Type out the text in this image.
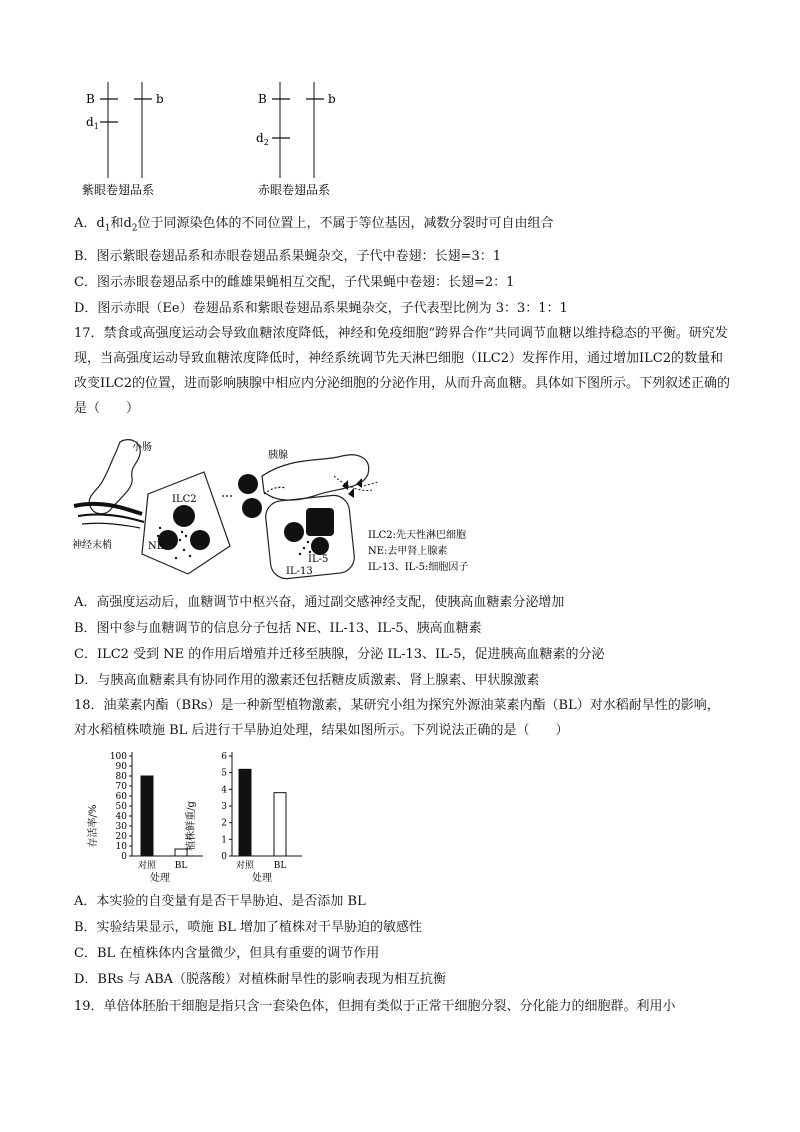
B	b
$d_1$
B	b
$d_2$
紫眼卷翅品系	赤眼卷翅品系
A．$d_1$和$d_2$位于同源染色体的不同位置上，不属于等位基因，减数分裂时可自由组合
B．图示紫眼卷翅品系和赤眼卷翅品系果蝇杂交，子代中卷翅：长翅=3：1
C．图示赤眼卷翅品系中的雌雄果蝇相互交配，子代果蝇中卷翅：长翅=2：1
D．图示赤眼（Ee）卷翅品系和紫眼卷翅品系果蝇杂交，子代表型比例为 3：3：1：1
17．禁食或高强度运动会导致血糖浓度降低，神经和免疫细胞“跨界合作”共同调节血糖以维持稳态的平衡。研究发现，当高强度运动导致血糖浓度降低时，神经系统调节先天淋巴细胞（ILC2）发挥作用，通过增加ILC2的数量和改变ILC2的位置，进而影响胰腺中相应内分泌细胞的分泌作用，从而升高血糖。具体如下图所示。下列叙述正确的是（　　）
ILC2
NE
小肠
神经末梢
胰腺
IL-5
IL-13
ILC2:先天性淋巴细胞
NE:去甲肾上腺素
IL-13、IL-5:细胞因子
A．高强度运动后，血糖调节中枢兴奋，通过副交感神经支配，使胰高血糖素分泌增加
B．图中参与血糖调节的信息分子包括 NE、IL-13、IL-5、胰高血糖素
C．ILC2 受到 NE 的作用后增殖并迁移至胰腺，分泌 IL-13、IL-5，促进胰高血糖素的分泌
D．与胰高血糖素具有协同作用的激素还包括糖皮质激素、肾上腺素、甲状腺激素
18．油菜素内酯（BRs）是一种新型植物激素，某研究小组为探究外源油菜素内酯（BL）对水稻耐旱性的影响，对水稻植株喷施 BL 后进行干旱胁迫处理，结果如图所示。下列说法正确的是（　　）
存活率/%
0
10
20
30
40
50
60
70
80
90
100
对照 BL
处理
植株鲜重/g
0
1
2
3
4
5
6
对照 BL
处理
A．本实验的自变量有是否干旱胁迫、是否添加 BL
B．实验结果显示，喷施 BL 增加了植株对干旱胁迫的敏感性
C．BL 在植株体内含量微少，但具有重要的调节作用
D．BRs 与 ABA（脱落酸）对植株耐旱性的影响表现为相互抗衡
19．单倍体胚胎干细胞是指只含一套染色体，但拥有类似于正常干细胞分裂、分化能力的细胞群。利用小
